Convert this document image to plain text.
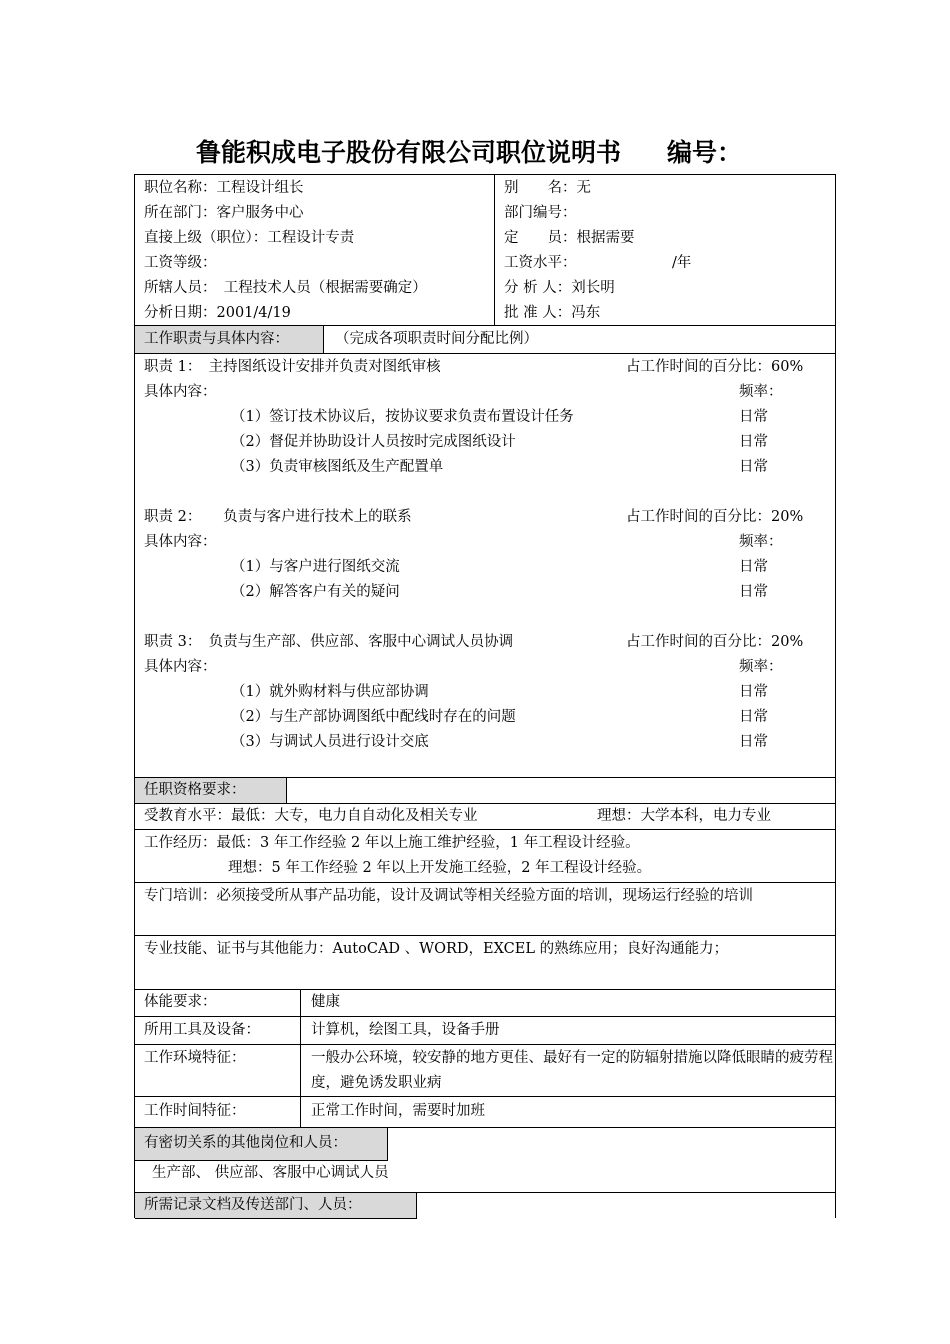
鲁能积成电子股份有限公司职位说明书 编号：
职位名称：工程设计组长	别　　名：无
所在部门：客户服务中心	部门编号：
直接上级（职位）：工程设计专责	定　　员：根据需要
工资等级：	工资水平：	/年
所辖人员：　工程技术人员（根据需要确定）	分 析 人：刘长明
分析日期：2001/4/19	批 准 人：冯东
工作职责与具体内容：	（完成各项职责时间分配比例）
职责 1：　主持图纸设计安排并负责对图纸审核	占工作时间的百分比：60%
具体内容：	频率：
（1）签订技术协议后，按协议要求负责布置设计任务	日常
（2）督促并协助设计人员按时完成图纸设计	日常
（3）负责审核图纸及生产配置单	日常
职责 2：　　负责与客户进行技术上的联系	占工作时间的百分比：20%
具体内容：	频率：
（1）与客户进行图纸交流	日常
（2）解答客户有关的疑问	日常
职责 3：　负责与生产部、供应部、客服中心调试人员协调	占工作时间的百分比：20%
具体内容：	频率：
（1）就外购材料与供应部协调	日常
（2）与生产部协调图纸中配线时存在的问题	日常
（3）与调试人员进行设计交底	日常
任职资格要求：
受教育水平：最低：大专，电力自自动化及相关专业	理想：大学本科，电力专业
工作经历：最低：3 年工作经验 2 年以上施工维护经验，1 年工程设计经验。
理想：5 年工作经验 2 年以上开发施工经验，2 年工程设计经验。
专门培训：必须接受所从事产品功能，设计及调试等相关经验方面的培训，现场运行经验的培训
专业技能、证书与其他能力：AutoCAD 、WORD，EXCEL 的熟练应用；良好沟通能力；
体能要求：	健康
所用工具及设备：	计算机，绘图工具，设备手册
工作环境特征：	一般办公环境，较安静的地方更佳、最好有一定的防辐射措施以降低眼睛的疲劳程度，避免诱发职业病
工作时间特征：	正常工作时间，需要时加班
有密切关系的其他岗位和人员：
生产部、 供应部、客服中心调试人员
所需记录文档及传送部门、人员：
